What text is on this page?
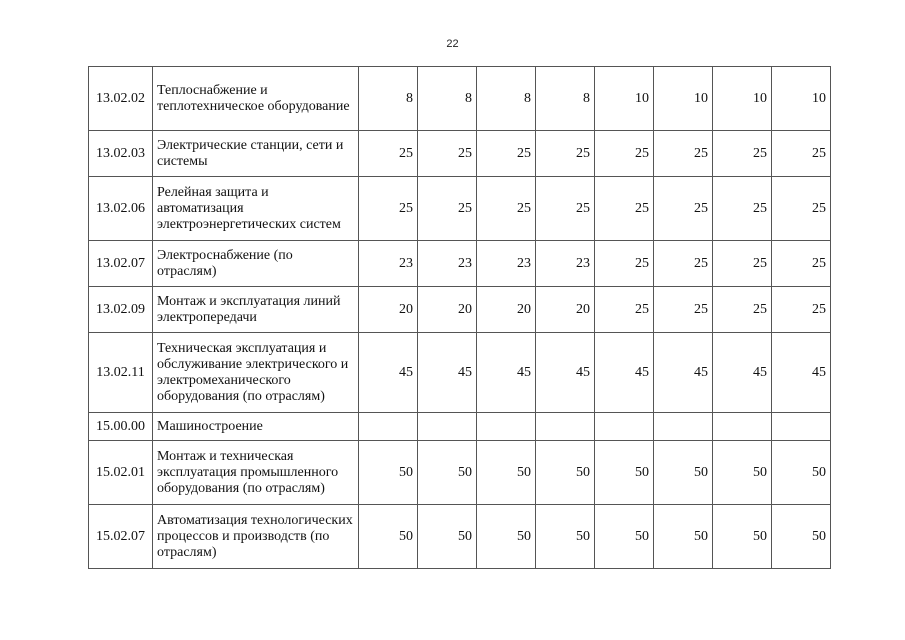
22
13.02.02	Теплоснабжение и теплотехническое оборудование	8	8	8	8	10	10	10	10
13.02.03	Электрические станции, сети и системы	25	25	25	25	25	25	25	25
13.02.06	Релейная защита и автоматизация электроэнергетических систем	25	25	25	25	25	25	25	25
13.02.07	Электроснабжение (по отраслям)	23	23	23	23	25	25	25	25
13.02.09	Монтаж и эксплуатация линий электропередачи	20	20	20	20	25	25	25	25
13.02.11	Техническая эксплуатация и обслуживание электрического и электромеханического оборудования (по отраслям)	45	45	45	45	45	45	45	45
15.00.00	Машиностроение								
15.02.01	Монтаж и техническая эксплуатация промышленного оборудования (по отраслям)	50	50	50	50	50	50	50	50
15.02.07	Автоматизация технологических процессов и производств (по отраслям)	50	50	50	50	50	50	50	50
